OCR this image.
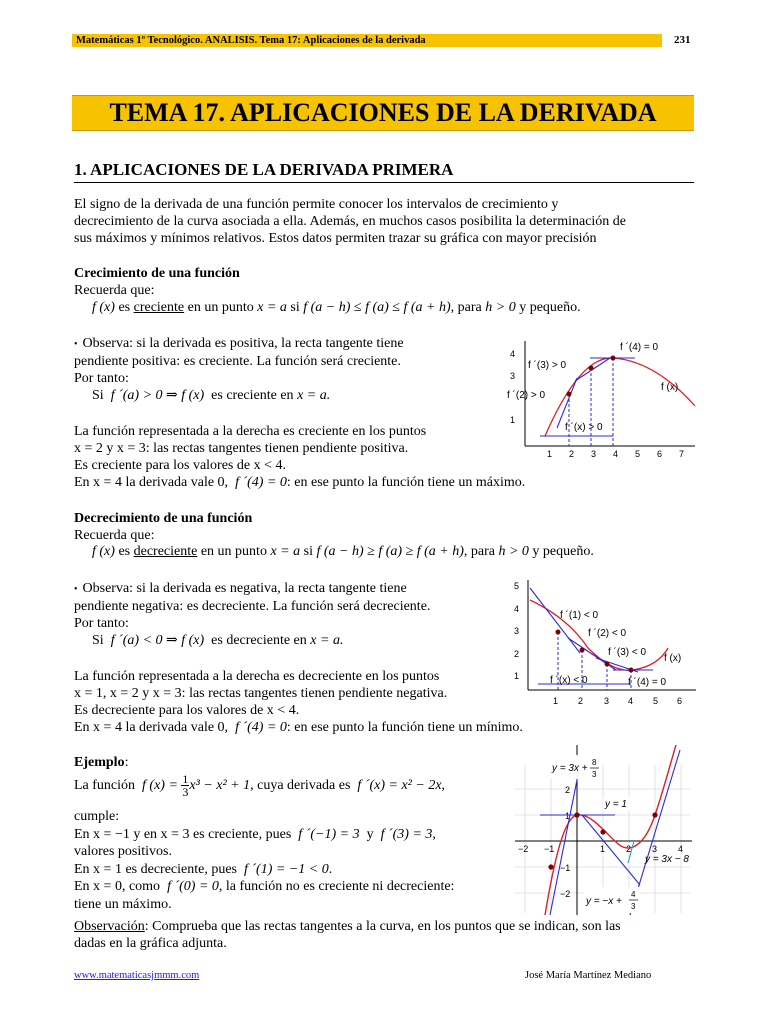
Matemáticas 1º Tecnológico. ANALISIS. Tema 17: Aplicaciones de la derivada	231
TEMA 17. APLICACIONES DE LA DERIVADA
1. APLICACIONES DE LA DERIVADA PRIMERA
El signo de la derivada de una función permite conocer los intervalos de crecimiento y
decrecimiento de la curva asociada a ella. Además, en muchos casos posibilita la determinación de
sus máximos y mínimos relativos. Estos datos permiten trazar su gráfica con mayor precisión
Crecimiento de una función
Recuerda que:
f (x) es creciente en un punto x = a si f (a − h) ≤ f (a) ≤ f (a + h), para h > 0 y pequeño.
•  Observa: si la derivada es positiva, la recta tangente tiene
pendiente positiva: es creciente. La función será creciente.
Por tanto:
Si f ´(a) > 0 ⇒ f (x) es creciente en x = a.
La función representada a la derecha es creciente en los puntos
x = 2 y x = 3: las rectas tangentes tienen pendiente positiva.
Es creciente para los valores de x < 4.
En x = 4 la derivada vale 0, f ´(4) = 0: en ese punto la función tiene un máximo.
Decrecimiento de una función
Recuerda que:
f (x) es decreciente en un punto x = a si f (a − h) ≥ f (a) ≥ f (a + h), para h > 0 y pequeño.
•  Observa: si la derivada es negativa, la recta tangente tiene
pendiente negativa: es decreciente. La función será decreciente.
Por tanto:
Si f ´(a) < 0 ⇒ f (x) es decreciente en x = a.
La función representada a la derecha es decreciente en los puntos
x = 1, x = 2 y x = 3: las rectas tangentes tienen pendiente negativa.
Es decreciente para los valores de x < 4.
En x = 4 la derivada vale 0, f ´(4) = 0: en ese punto la función tiene un mínimo.
Ejemplo:
La función f $(x) = \frac{1}{3} x^3 - x^2 + 1$, cuya derivada es f ´(x) = x² − 2x,
cumple:
En x = −1 y en x = 3 es creciente, pues f ´(−1) = 3 y f ´(3) = 3,
valores positivos.
En x = 1 es decreciente, pues f ´(1) = −1 < 0.
En x = 0, como f ´(0) = 0, la función no es creciente ni decreciente:
tiene un máximo.
Observación: Comprueba que las rectas tangentes a la curva, en los puntos que se indican, son las
dadas en la gráfica adjunta.
1 2 3 4 5 6 7
4
3
1
f ´(4) = 0
f ´(3) > 0
f ´(2) > 0
f (x)
f ´(x) > 0
1 2 3 4 5 6
5
4
3
2
1
f ´(1) < 0
f ´(2) < 0
f ´(3) < 0
f (x)
f ´(x) < 0	f ´(4) = 0
−2 −1	1 2 3 4
2
1
−1
−2
y = 3x +
8
3
y = 1
y = 3x − 8
y = −x +
4
3
www.matematicasjmmm.com	José María Martínez Mediano
